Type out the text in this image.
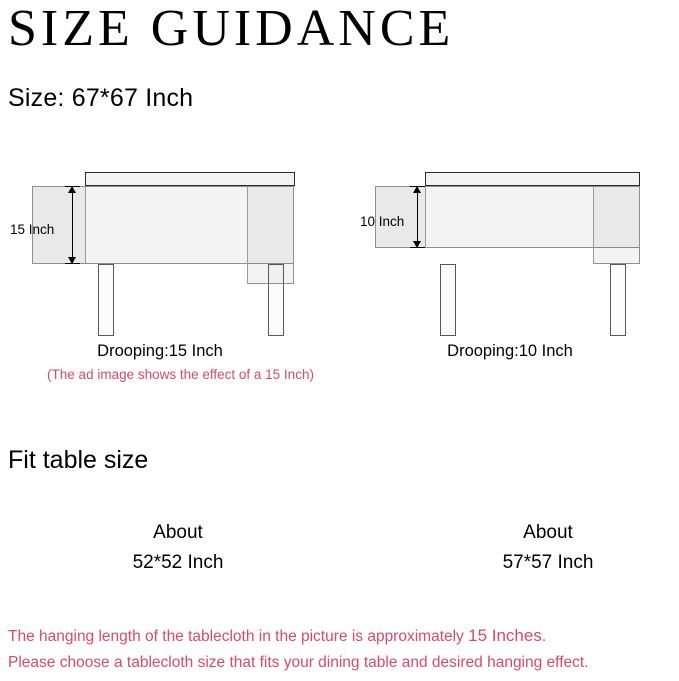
SIZE GUIDANCE
Size: 67*67 Inch
15 Inch
Drooping:15 Inch
10 Inch
Drooping:10 Inch
(The ad image shows the effect of a 15 Inch)
Fit table size
About
52*52 Inch
About
57*57 Inch
The hanging length of the tablecloth in the picture is approximately 15 Inches.
Please choose a tablecloth size that fits your dining table and desired hanging effect.
